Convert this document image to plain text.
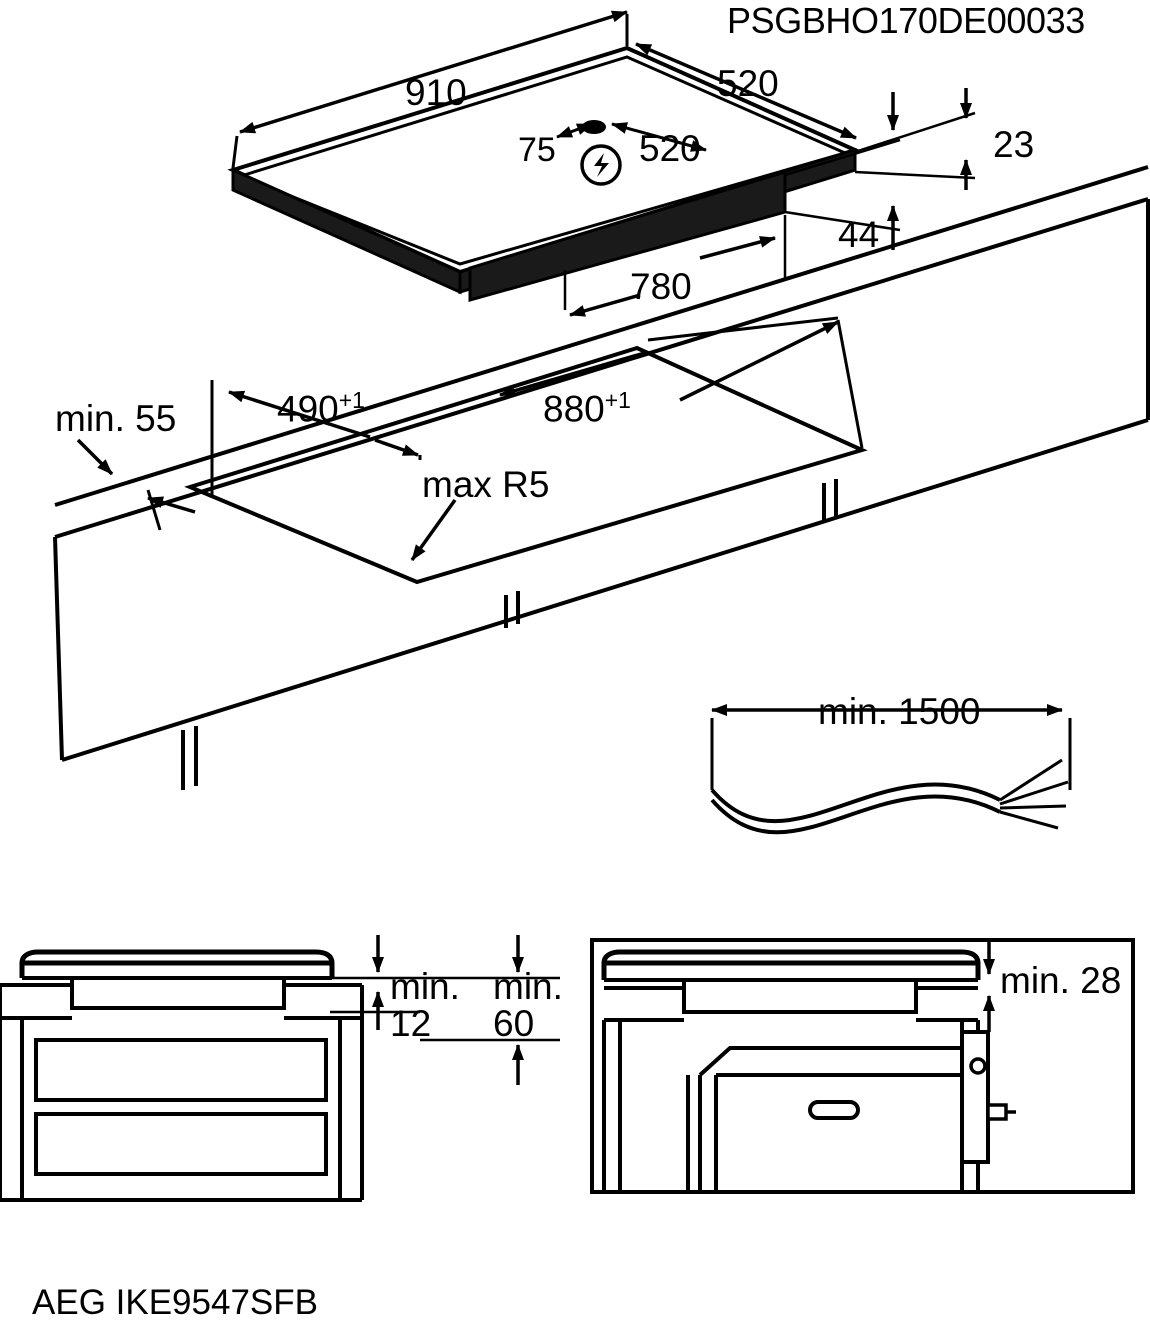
PSGBHO170DE00033
910	520
75 520	23
44
780
min. 55	$490^{+1}$	$880^{+1}$
max R5
min. 1500
min.
12
min.
60
min. 28
AEG IKE9547SFB
